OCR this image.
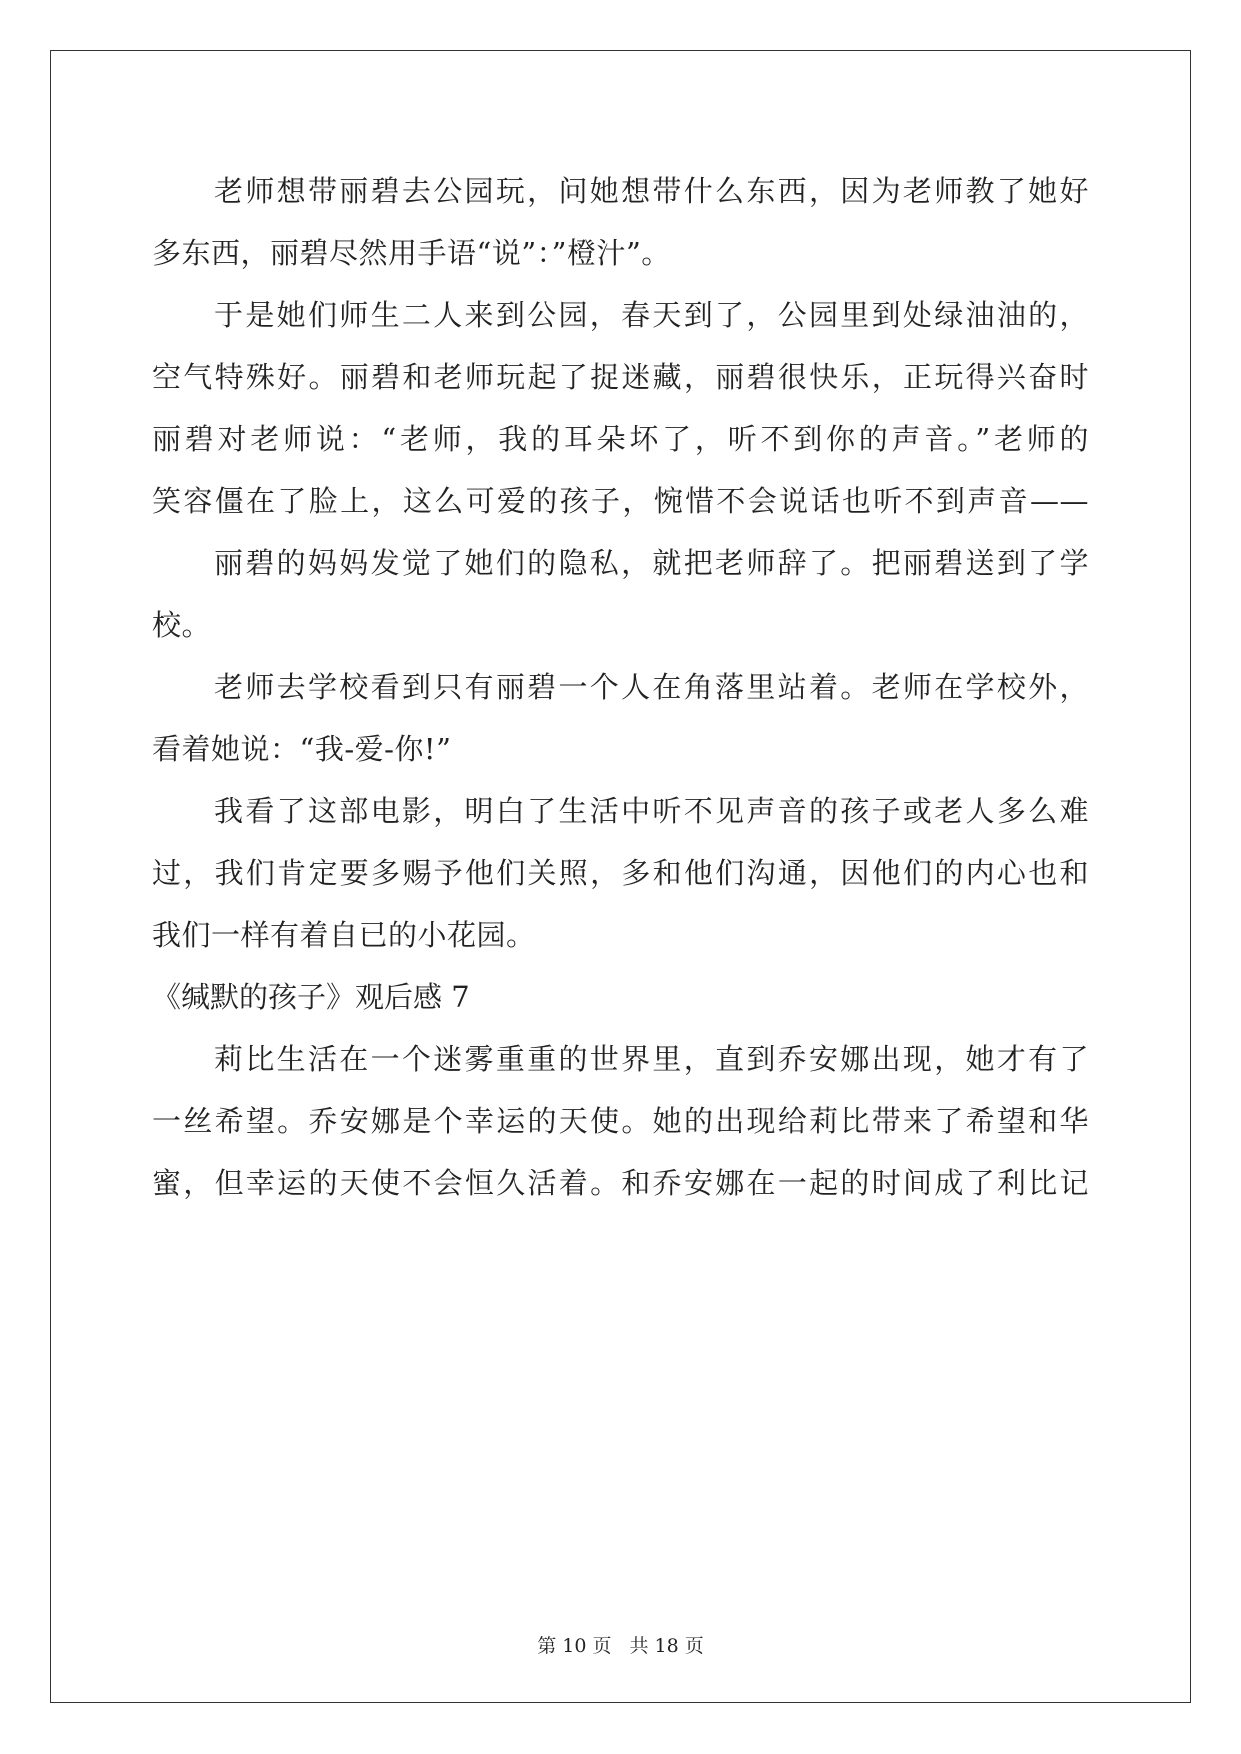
老师想带丽碧去公园玩，问她想带什么东西，因为老师教了她好
多东西，丽碧尽然用手语“说”：”橙汁”。
于是她们师生二人来到公园，春天到了，公园里到处绿油油的，
空气特殊好。丽碧和老师玩起了捉迷藏，丽碧很快乐，正玩得兴奋时
丽碧对老师说：“老师，我的耳朵坏了，听不到你的声音。”老师的
笑容僵在了脸上，这么可爱的孩子，惋惜不会说话也听不到声音——
丽碧的妈妈发觉了她们的隐私，就把老师辞了。把丽碧送到了学
校。
老师去学校看到只有丽碧一个人在角落里站着。老师在学校外，
看着她说：“我-爱-你!”
我看了这部电影，明白了生活中听不见声音的孩子或老人多么难
过，我们肯定要多赐予他们关照，多和他们沟通，因他们的内心也和
我们一样有着自已的小花园。
《缄默的孩子》观后感 7
莉比生活在一个迷雾重重的世界里，直到乔安娜出现，她才有了
一丝希望。乔安娜是个幸运的天使。她的出现给莉比带来了希望和华
蜜，但幸运的天使不会恒久活着。和乔安娜在一起的时间成了利比记
第 10 页 共 18 页
